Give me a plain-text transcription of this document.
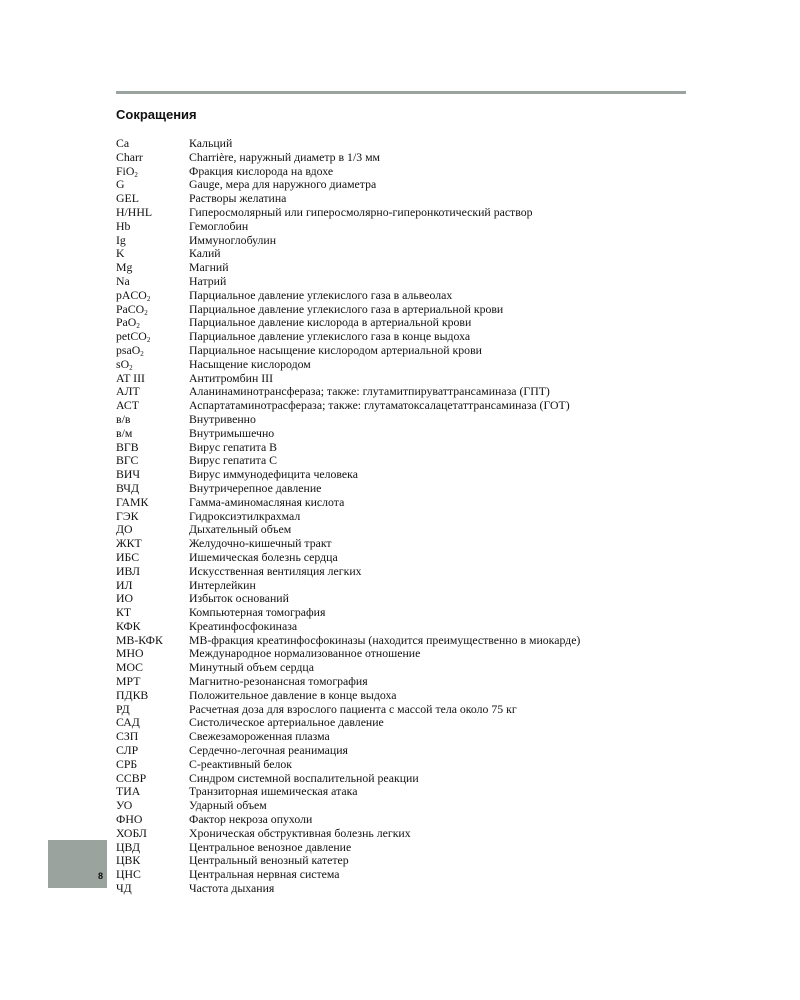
Сокращения
Ca	Кальций
Charr	Charrière, наружный диаметр в 1/3 мм
FiO$_2$	Фракция кислорода на вдохе
G	Gauge, мера для наружного диаметра
GEL	Растворы желатина
H/HHL	Гиперосмолярный или гиперосмолярно-гиперонкотический раствор
Hb	Гемоглобин
Ig	Иммуноглобулин
K	Калий
Mg	Магний
Na	Натрий
pACO$_2$	Парциальное давление углекислого газа в альвеолах
PaCO$_2$	Парциальное давление углекислого газа в артериальной крови
PaO$_2$	Парциальное давление кислорода в артериальной крови
petCO$_2$	Парциальное давление углекислого газа в конце выдоха
psaO$_2$	Парциальное насыщение кислородом артериальной крови
$sO_2$	Насыщение кислородом
AT III	Антитромбин III
АЛТ	Аланинаминотрансфераза; также: глутамитпируваттрансаминаза (ГПТ)
АСТ	Аспартатаминотрасфераза; также: глутаматоксалацетаттрансаминаза (ГОТ)
в/в	Внутривенно
в/м	Внутримышечно
ВГВ	Вирус гепатита В
ВГС	Вирус гепатита С
ВИЧ	Вирус иммунодефицита человека
ВЧД	Внутричерепное давление
ГАМК	Гамма-аминомасляная кислота
ГЭК	Гидроксиэтилкрахмал
ДО	Дыхательный объем
ЖКТ	Желудочно-кишечный тракт
ИБС	Ишемическая болезнь сердца
ИВЛ	Искусственная вентиляция легких
ИЛ	Интерлейкин
ИО	Избыток оснований
КТ	Компьютерная томография
КФК	Креатинфосфокиназа
МВ-КФК	МВ-фракция креатинфосфокиназы (находится преимущественно в миокарде)
МНО	Международное нормализованное отношение
МОС	Минутный объем сердца
МРТ	Магнитно-резонансная томография
ПДКВ	Положительное давление в конце выдоха
РД	Расчетная доза для взрослого пациента с массой тела около 75 кг
САД	Систолическое артериальное давление
СЗП	Свежезамороженная плазма
СЛР	Сердечно-легочная реанимация
СРБ	С-реактивный белок
ССВР	Синдром системной воспалительной реакции
ТИА	Транзиторная ишемическая атака
УО	Ударный объем
ФНО	Фактор некроза опухоли
ХОБЛ	Хроническая обструктивная болезнь легких
ЦВД	Центральное венозное давление
ЦВК	Центральный венозный катетер
ЦНС	Центральная нервная система
ЧД	Частота дыхания
8
